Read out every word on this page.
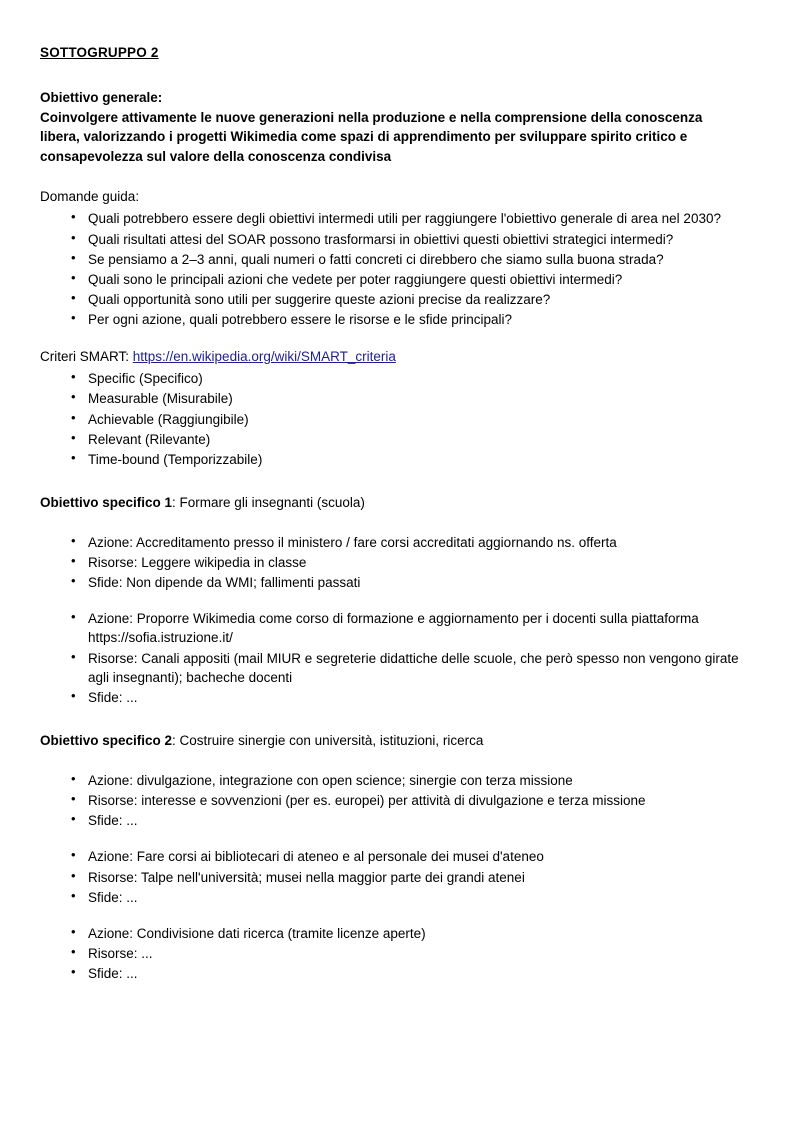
SOTTOGRUPPO 2
Obiettivo generale:
Coinvolgere attivamente le nuove generazioni nella produzione e nella comprensione della conoscenza libera, valorizzando i progetti Wikimedia come spazi di apprendimento per sviluppare spirito critico e consapevolezza sul valore della conoscenza condivisa
Domande guida:
• Quali potrebbero essere degli obiettivi intermedi utili per raggiungere l'obiettivo generale di area nel 2030?
• Quali risultati attesi del SOAR possono trasformarsi in obiettivi questi obiettivi strategici intermedi?
• Se pensiamo a 2–3 anni, quali numeri o fatti concreti ci direbbero che siamo sulla buona strada?
• Quali sono le principali azioni che vedete per poter raggiungere questi obiettivi intermedi?
• Quali opportunità sono utili per suggerire queste azioni precise da realizzare?
• Per ogni azione, quali potrebbero essere le risorse e le sfide principali?
Criteri SMART: https://en.wikipedia.org/wiki/SMART_criteria
• Specific (Specifico)
• Measurable (Misurabile)
• Achievable (Raggiungibile)
• Relevant (Rilevante)
• Time-bound (Temporizzabile)
Obiettivo specifico 1: Formare gli insegnanti (scuola)
• Azione: Accreditamento presso il ministero / fare corsi accreditati aggiornando ns. offerta
• Risorse: Leggere wikipedia in classe
• Sfide: Non dipende da WMI; fallimenti passati
• Azione: Proporre Wikimedia come corso di formazione e aggiornamento per i docenti sulla piattaforma https://sofia.istruzione.it/
• Risorse: Canali appositi (mail MIUR e segreterie didattiche delle scuole, che però spesso non vengono girate agli insegnanti); bacheche docenti
• Sfide: ...
Obiettivo specifico 2: Costruire sinergie con università, istituzioni, ricerca
• Azione: divulgazione, integrazione con open science; sinergie con terza missione
• Risorse: interesse e sovvenzioni (per es. europei) per attività di divulgazione e terza missione
• Sfide: ...
• Azione: Fare corsi ai bibliotecari di ateneo e al personale dei musei d'ateneo
• Risorse: Talpe nell'università; musei nella maggior parte dei grandi atenei
• Sfide: ...
• Azione: Condivisione dati ricerca (tramite licenze aperte)
• Risorse: ...
• Sfide: ...
